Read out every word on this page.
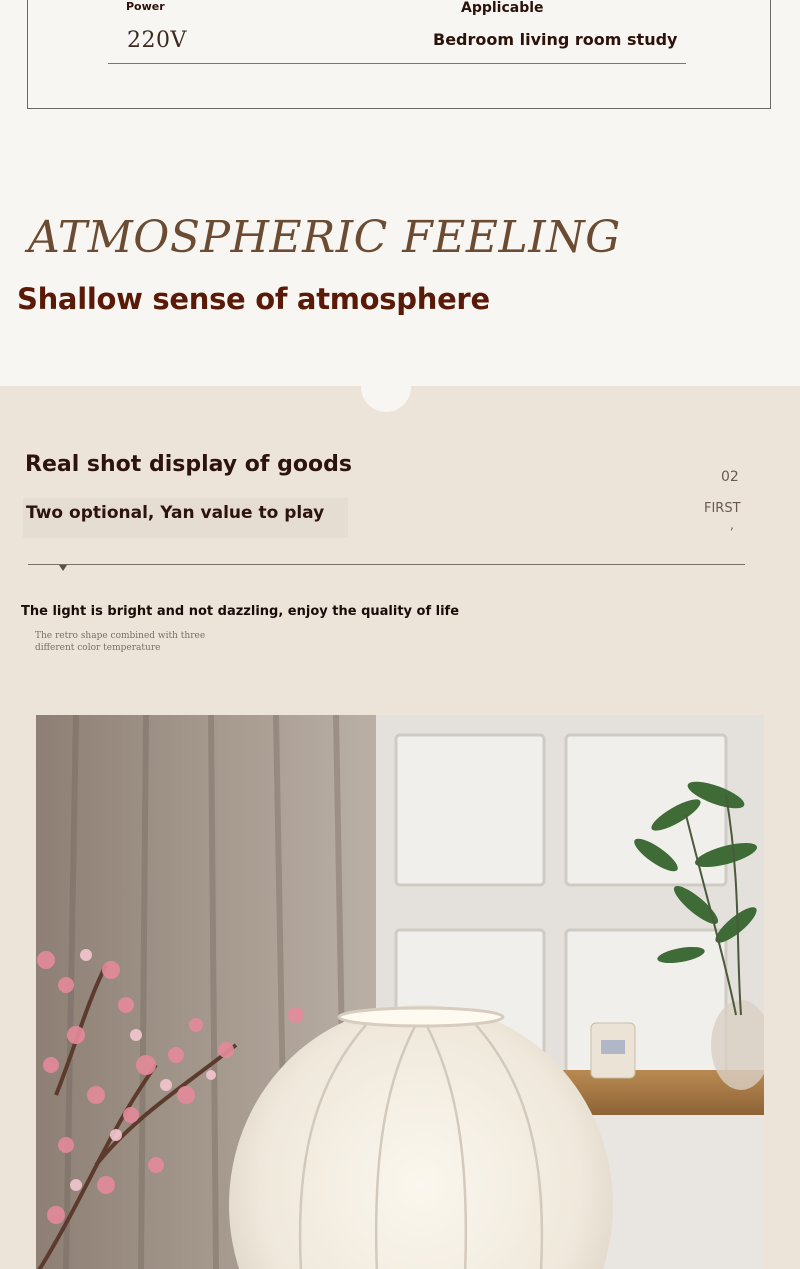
Power
220V
Applicable
Bedroom living room study
ATMOSPHERIC FEELING
Shallow sense of atmosphere
Real shot display of goods
Two optional, Yan value to play
02
FIRST
,
The light is bright and not dazzling, enjoy the quality of life
The retro shape combined with three different color temperature
